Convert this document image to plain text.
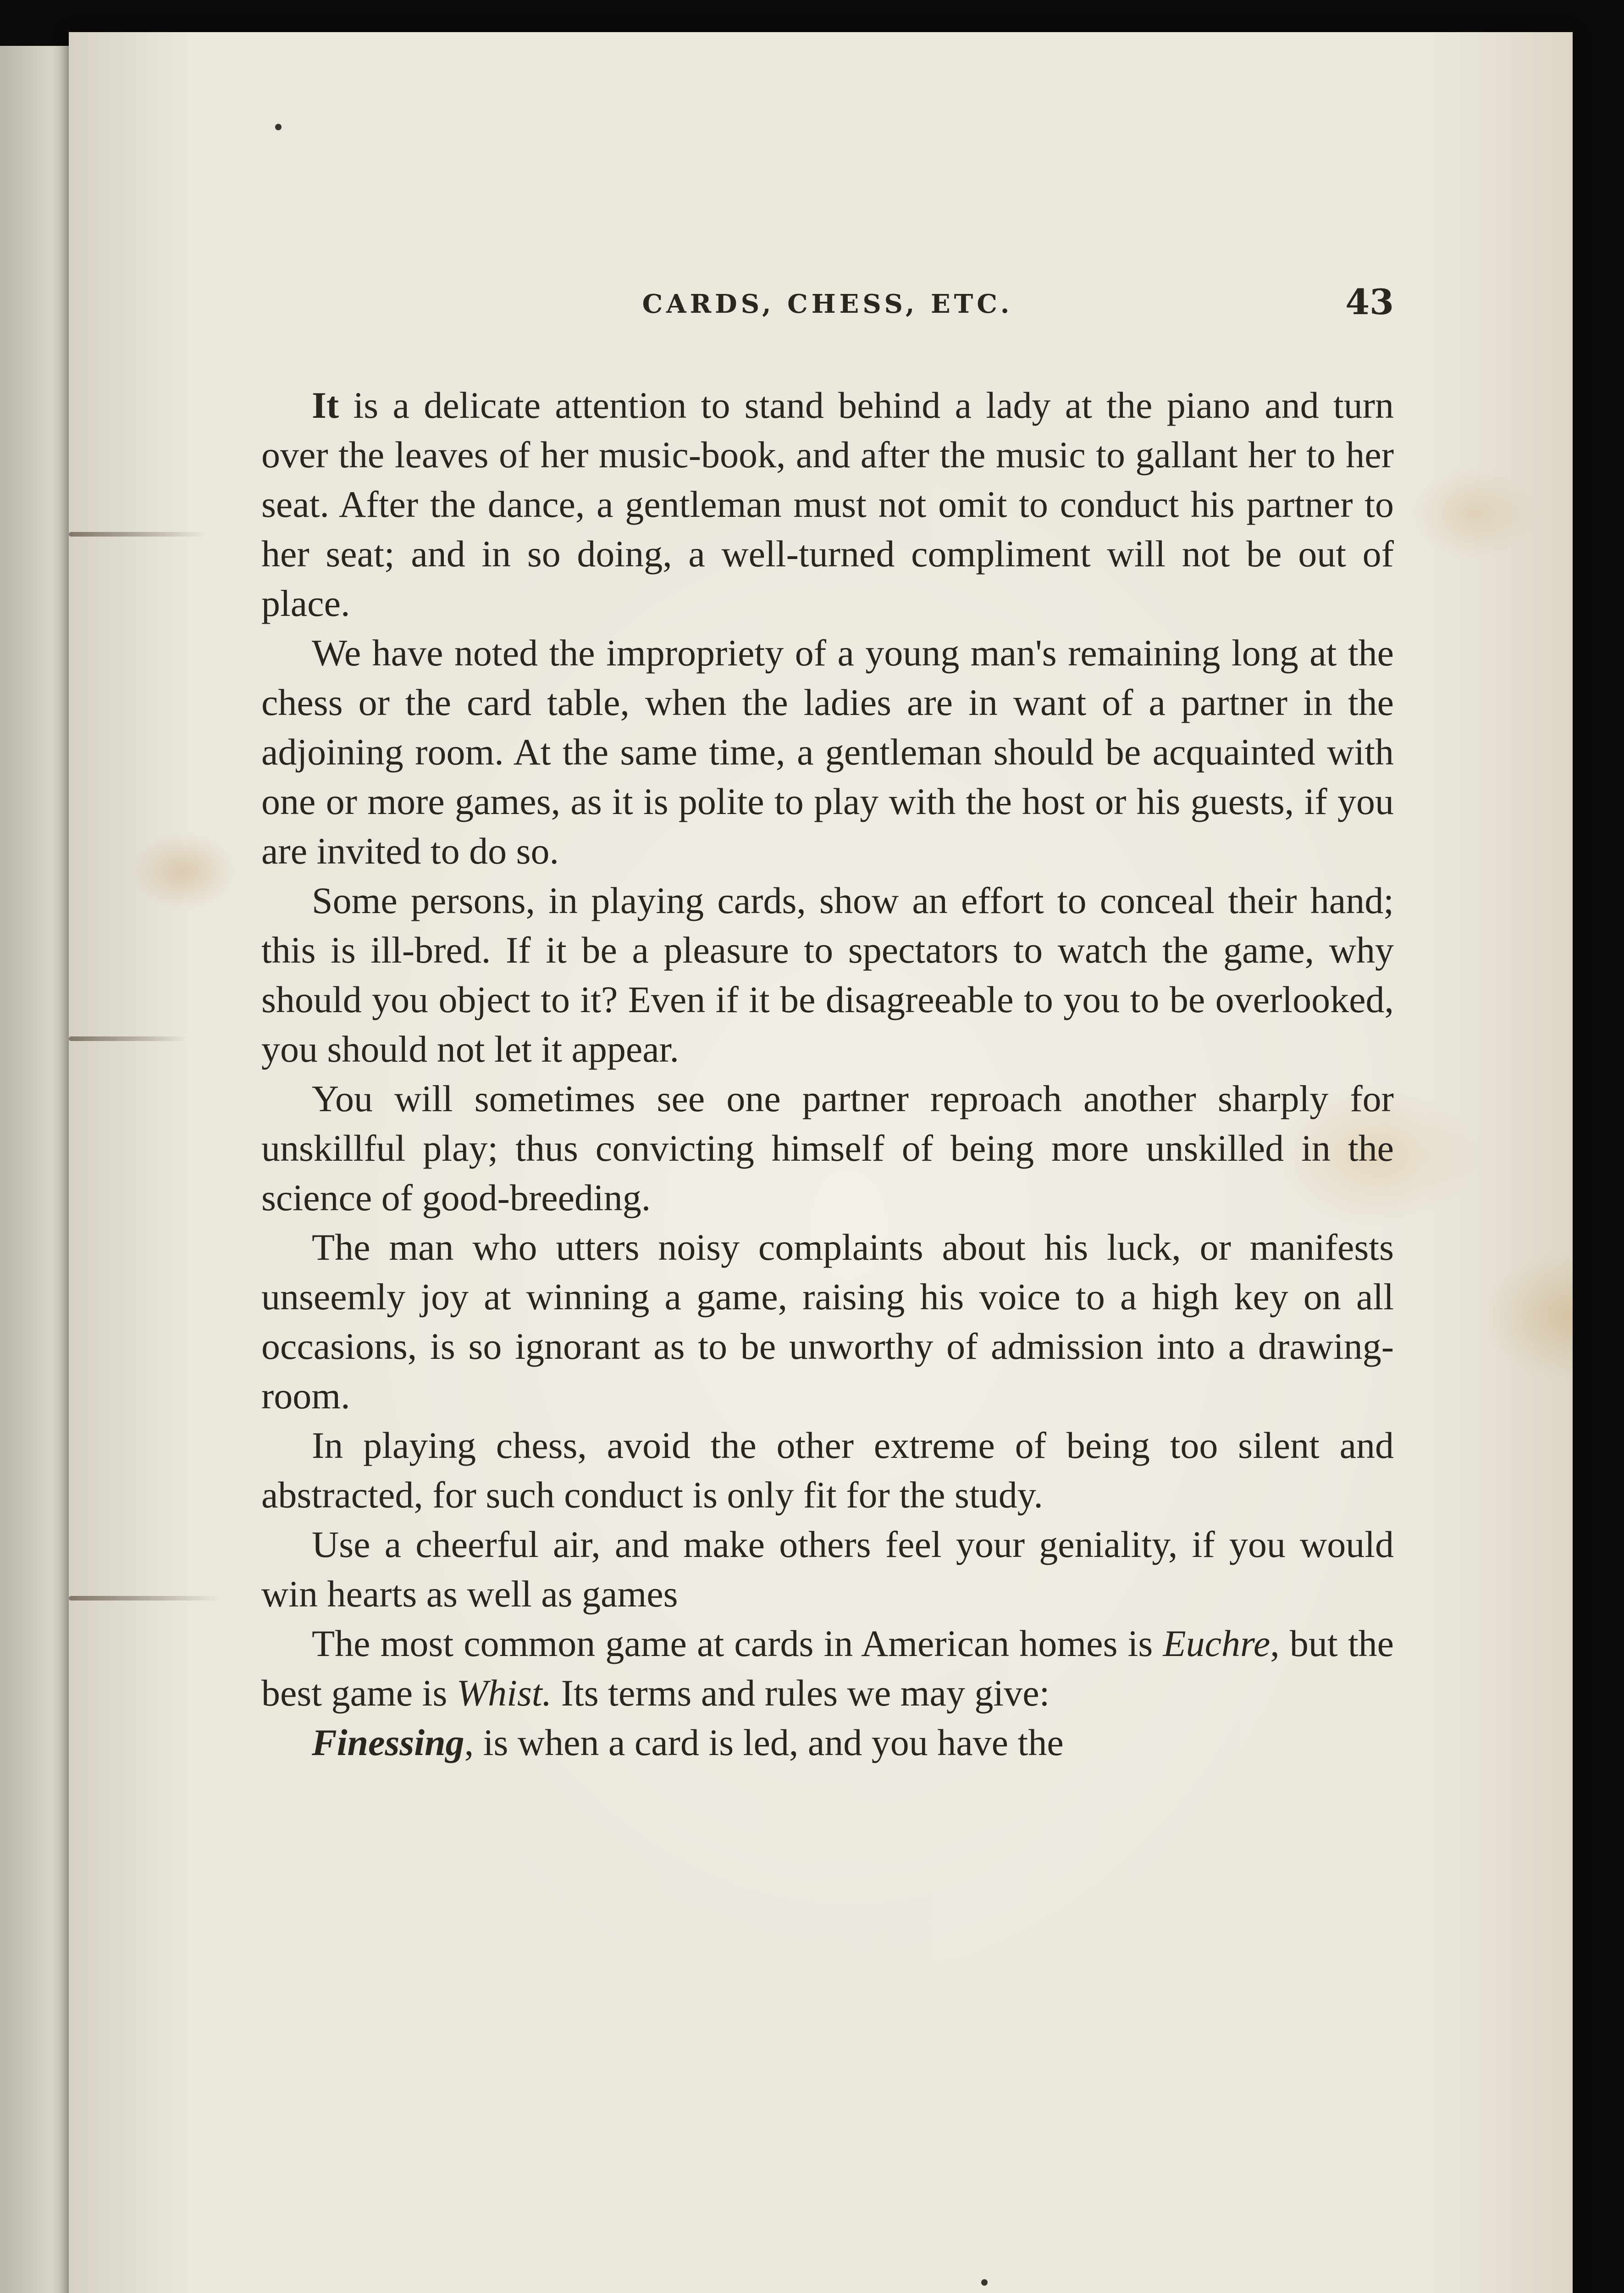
CARDS, CHESS, ETC.	43

It is a delicate attention to stand behind a lady at the piano and turn over the leaves of her music-book, and after the music to gallant her to her seat. After the dance, a gentleman must not omit to conduct his partner to her seat; and in so doing, a well-turned compliment will not be out of place.

We have noted the impropriety of a young man's remaining long at the chess or the card table, when the ladies are in want of a partner in the adjoining room. At the same time, a gentleman should be acquainted with one or more games, as it is polite to play with the host or his guests, if you are invited to do so.

Some persons, in playing cards, show an effort to conceal their hand; this is ill-bred. If it be a pleasure to spectators to watch the game, why should you object to it? Even if it be disagreeable to you to be overlooked, you should not let it appear.

You will sometimes see one partner reproach another sharply for unskillful play; thus convicting himself of being more unskilled in the science of good-breeding.

The man who utters noisy complaints about his luck, or manifests unseemly joy at winning a game, raising his voice to a high key on all occasions, is so ignorant as to be unworthy of admission into a drawing-room.

In playing chess, avoid the other extreme of being too silent and abstracted, for such conduct is only fit for the study.

Use a cheerful air, and make others feel your geniality, if you would win hearts as well as games

The most common game at cards in American homes is Euchre, but the best game is Whist. Its terms and rules we may give:

Finessing, is when a card is led, and you have the
